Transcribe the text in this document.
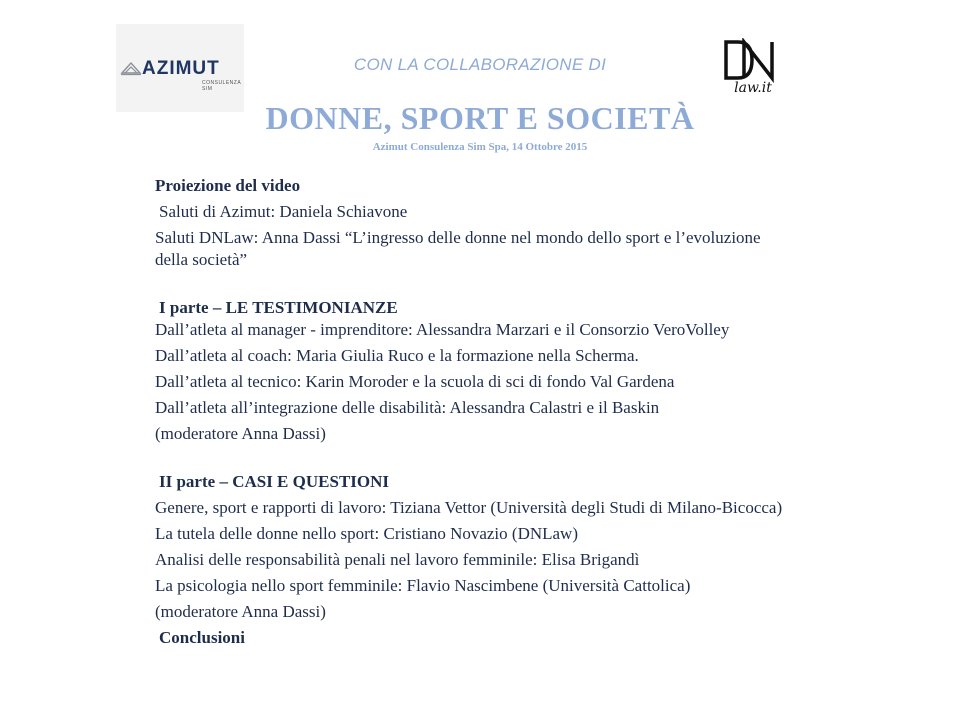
AZIMUT
CONSULENZA SIM
CON LA COLLABORAZIONE DI
law.it
DONNE, SPORT E SOCIETÀ
Azimut Consulenza Sim Spa, 14 Ottobre 2015

Proiezione del video

Saluti di Azimut: Daniela Schiavone

Saluti DNLaw: Anna Dassi “L’ingresso delle donne nel mondo dello sport e l’evoluzione della società”

I parte – LE TESTIMONIANZE

Dall’atleta al manager - imprenditore: Alessandra Marzari e il Consorzio VeroVolley

Dall’atleta al coach: Maria Giulia Ruco e la formazione nella Scherma.

Dall’atleta al tecnico: Karin Moroder e la scuola di sci di fondo Val Gardena

Dall’atleta all’integrazione delle disabilità: Alessandra Calastri e il Baskin

(moderatore Anna Dassi)

II parte – CASI E QUESTIONI

Genere, sport e rapporti di lavoro: Tiziana Vettor (Università degli Studi di Milano-Bicocca)

La tutela delle donne nello sport: Cristiano Novazio (DNLaw)

Analisi delle responsabilità penali nel lavoro femminile: Elisa Brigandì

La psicologia nello sport femminile: Flavio Nascimbene (Università Cattolica)

(moderatore Anna Dassi)

Conclusioni
